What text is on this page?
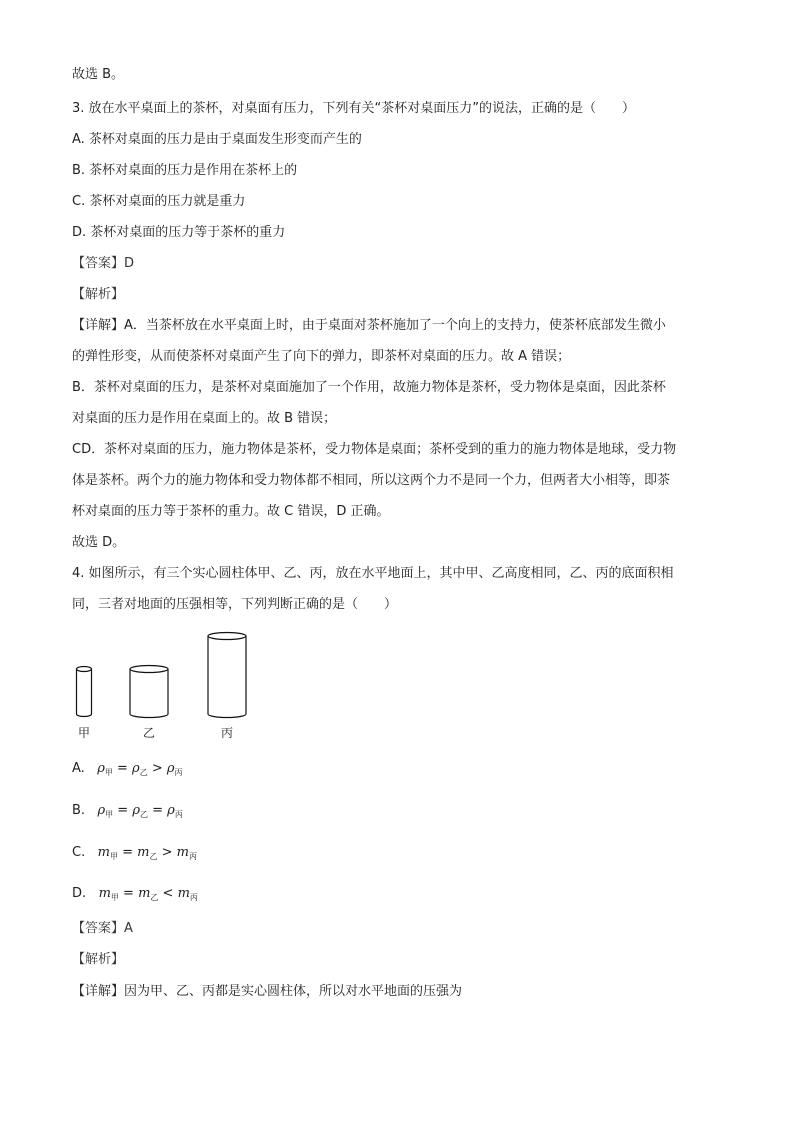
故选 B。
3. 放在水平桌面上的茶杯，对桌面有压力，下列有关“茶杯对桌面压力”的说法，正确的是（　　）
A. 茶杯对桌面的压力是由于桌面发生形变而产生的
B. 茶杯对桌面的压力是作用在茶杯上的
C. 茶杯对桌面的压力就是重力
D. 茶杯对桌面的压力等于茶杯的重力
【答案】D
【解析】
【详解】A．当茶杯放在水平桌面上时，由于桌面对茶杯施加了一个向上的支持力，使茶杯底部发生微小
的弹性形变，从而使茶杯对桌面产生了向下的弹力，即茶杯对桌面的压力。故 A 错误；
B．茶杯对桌面的压力，是茶杯对桌面施加了一个作用，故施力物体是茶杯，受力物体是桌面，因此茶杯
对桌面的压力是作用在桌面上的。故 B 错误；
CD．茶杯对桌面的压力，施力物体是茶杯，受力物体是桌面；茶杯受到的重力的施力物体是地球，受力物
体是茶杯。两个力的施力物体和受力物体都不相同，所以这两个力不是同一个力，但两者大小相等，即茶
杯对桌面的压力等于茶杯的重力。故 C 错误，D 正确。
故选 D。
4. 如图所示，有三个实心圆柱体甲、乙、丙，放在水平地面上，其中甲、乙高度相同，乙、丙的底面积相
同，三者对地面的压强相等，下列判断正确的是（　　）
甲	乙	丙
A. $\rho_甲 = \rho_乙 > \rho_丙$
B. $\rho_甲 = \rho_乙 = \rho_丙$
C. $m_甲 = m_乙 > m_丙$
D. $m_甲 = m_乙 < m_丙$
【答案】A
【解析】
【详解】因为甲、乙、丙都是实心圆柱体，所以对水平地面的压强为
